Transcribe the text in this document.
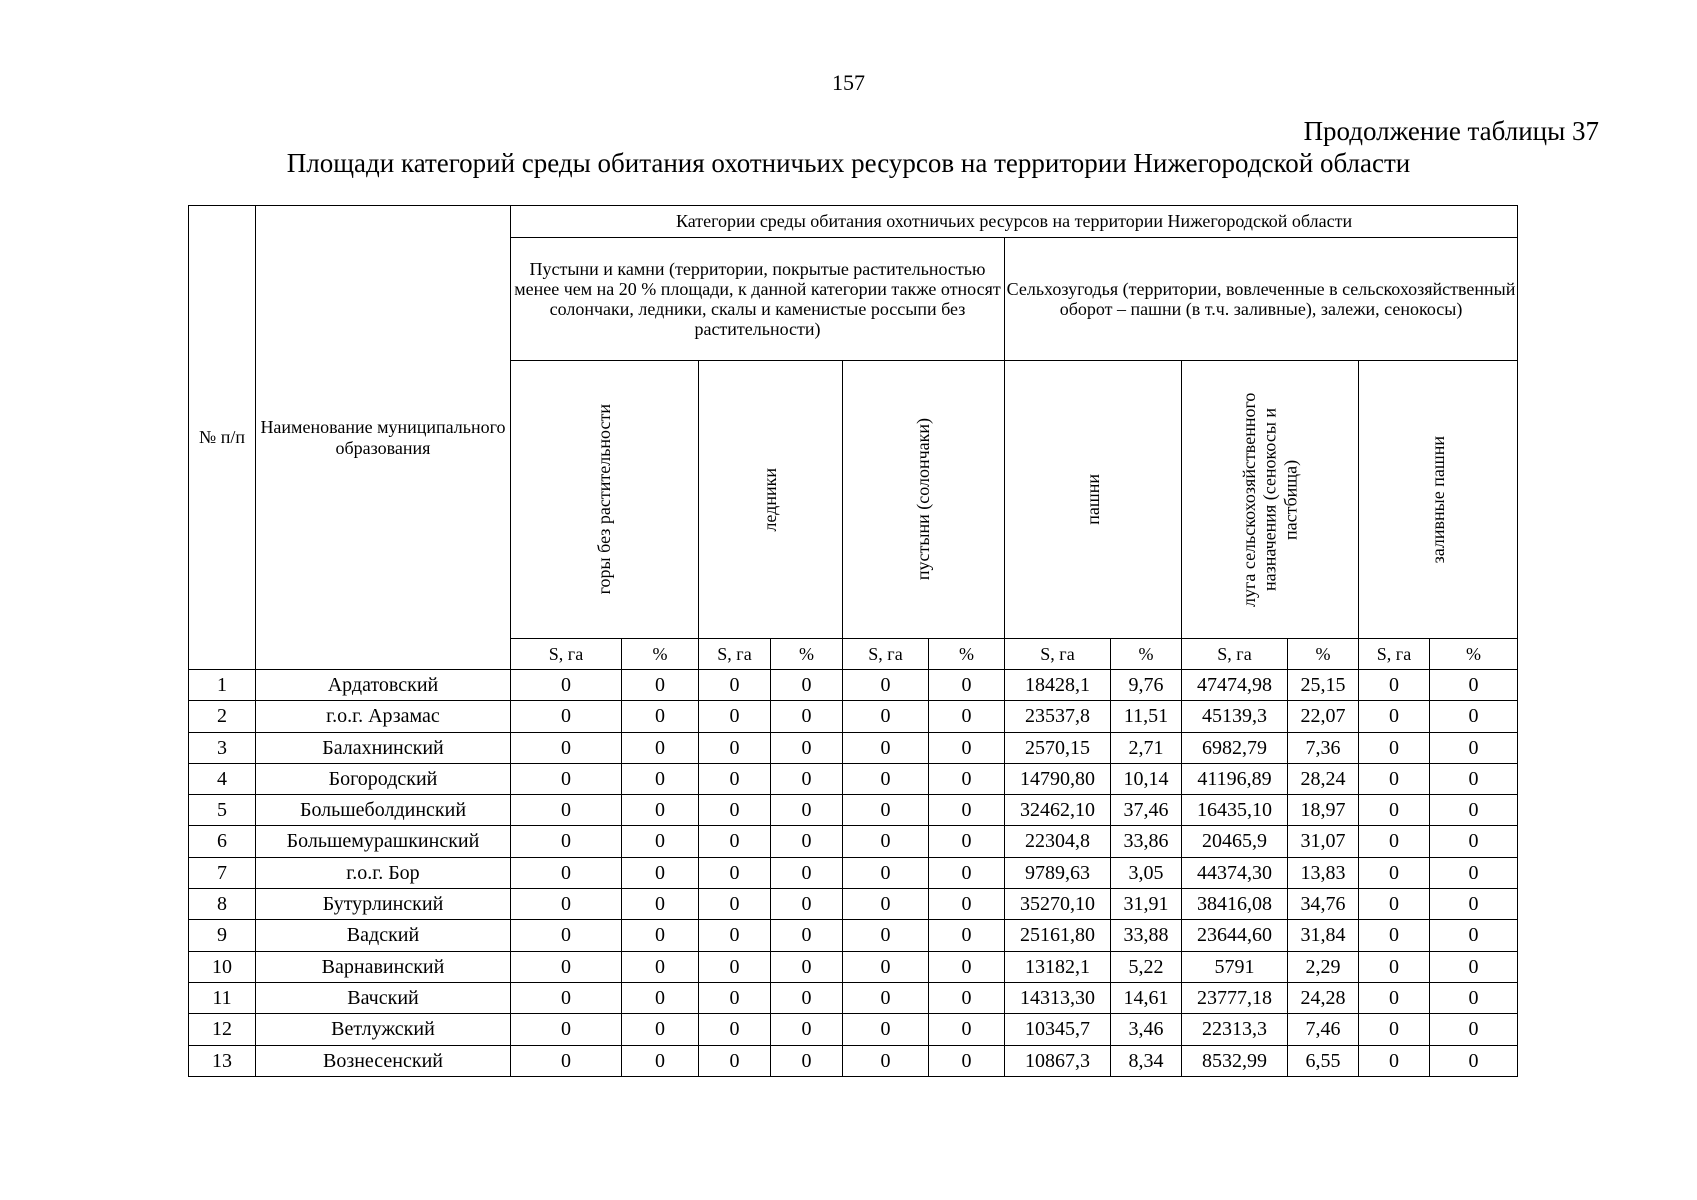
157
Продолжение таблицы 37
Площади категорий среды обитания охотничьих ресурсов на территории Нижегородской области
№ п/п	Наименование муниципального образования	Категории среды обитания охотничьих ресурсов на территории Нижегородской области											
		Пустыни и камни (территории, покрытые растительностью менее чем на 20 % площади, к данной категории также относят солончаки, ледники, скалы и каменистые россыпи без растительности)						Сельхозугодья (территории, вовлеченные в сельскохозяйственный оборот – пашни (в т.ч. заливные), залежи, сенокосы)					

		горы без растительности		ледники		пустыни (солончаки)		пашни		луга сельскохозяйственного назначения (сенокосы и пастбища)		заливные пашни	

		S, га	%	S, га	%	S, га	%	S, га	%	S, га	%	S, га	%
1	Ардатовский	0	0	0	0	0	0	18428,1	9,76	47474,98	25,15	0	0
2	г.о.г. Арзамас	0	0	0	0	0	0	23537,8	11,51	45139,3	22,07	0	0
3	Балахнинский	0	0	0	0	0	0	2570,15	2,71	6982,79	7,36	0	0
4	Богородский	0	0	0	0	0	0	14790,80	10,14	41196,89	28,24	0	0
5	Большеболдинский	0	0	0	0	0	0	32462,10	37,46	16435,10	18,97	0	0
6	Большемурашкинский	0	0	0	0	0	0	22304,8	33,86	20465,9	31,07	0	0
7	г.о.г. Бор	0	0	0	0	0	0	9789,63	3,05	44374,30	13,83	0	0
8	Бутурлинский	0	0	0	0	0	0	35270,10	31,91	38416,08	34,76	0	0
9	Вадский	0	0	0	0	0	0	25161,80	33,88	23644,60	31,84	0	0
10	Варнавинский	0	0	0	0	0	0	13182,1	5,22	5791	2,29	0	0
11	Вачский	0	0	0	0	0	0	14313,30	14,61	23777,18	24,28	0	0
12	Ветлужский	0	0	0	0	0	0	10345,7	3,46	22313,3	7,46	0	0
13	Вознесенский	0	0	0	0	0	0	10867,3	8,34	8532,99	6,55	0	0
